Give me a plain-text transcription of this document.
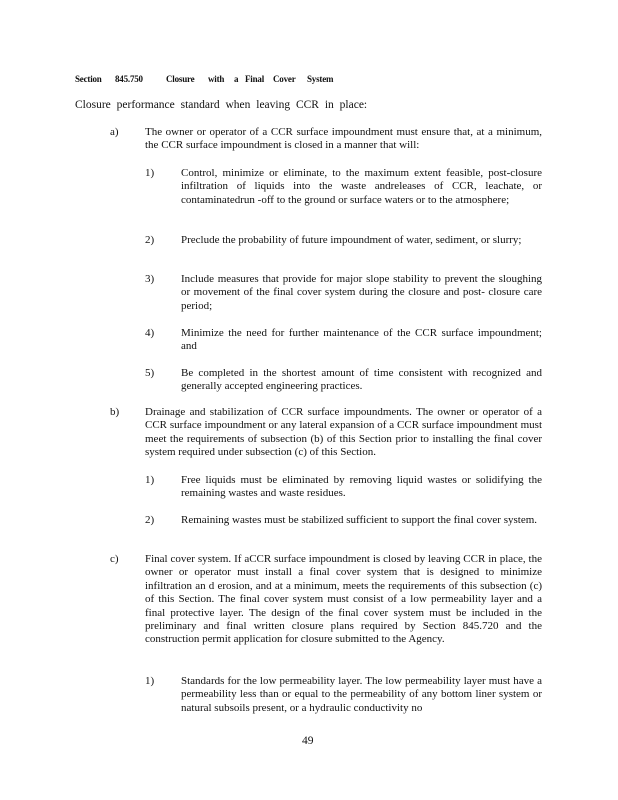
Section 845.750	Closure with a Final Cover System
Closure performance standard when leaving CCR in place:
a) The owner or operator of a CCR surface impoundment must ensure that, at a minimum, the CCR surface impoundment is closed in a manner that will:
1) Control, minimize or eliminate, to the maximum extent feasible, post-closure infiltration of liquids into the waste andreleases of CCR, leachate, or contaminatedrun -off to the ground or surface waters or to the atmosphere;
2) Preclude the probability of future impoundment of water, sediment, or slurry;
3) Include measures that provide for major slope stability to prevent the sloughing or movement of the final cover system during the closure and post- closure care period;
4) Minimize the need for further maintenance of the CCR surface impoundment; and
5) Be completed in the shortest amount of time consistent with recognized and generally accepted engineering practices.
b) Drainage and stabilization of CCR surface impoundments. The owner or operator of a CCR surface impoundment or any lateral expansion of a CCR surface impoundment must meet the requirements of subsection (b) of this Section prior to installing the final cover system required under subsection (c) of this Section.
1) Free liquids must be eliminated by removing liquid wastes or solidifying the remaining wastes and waste residues.
2) Remaining wastes must be stabilized sufficient to support the final cover system.
c) Final cover system. If aCCR surface impoundment is closed by leaving CCR in place, the owner or operator must install a final cover system that is designed to minimize infiltration an d erosion, and at a minimum, meets the requirements of this subsection (c) of this Section. The final cover system must consist of a low permeability layer and a final protective layer. The design of the final cover system must be included in the preliminary and final written closure plans required by Section 845.720 and the construction permit application for closure submitted to the Agency.
1) Standards for the low permeability layer. The low permeability layer must have a permeability less than or equal to the permeability of any bottom liner system or natural subsoils present, or a hydraulic conductivity no
49
